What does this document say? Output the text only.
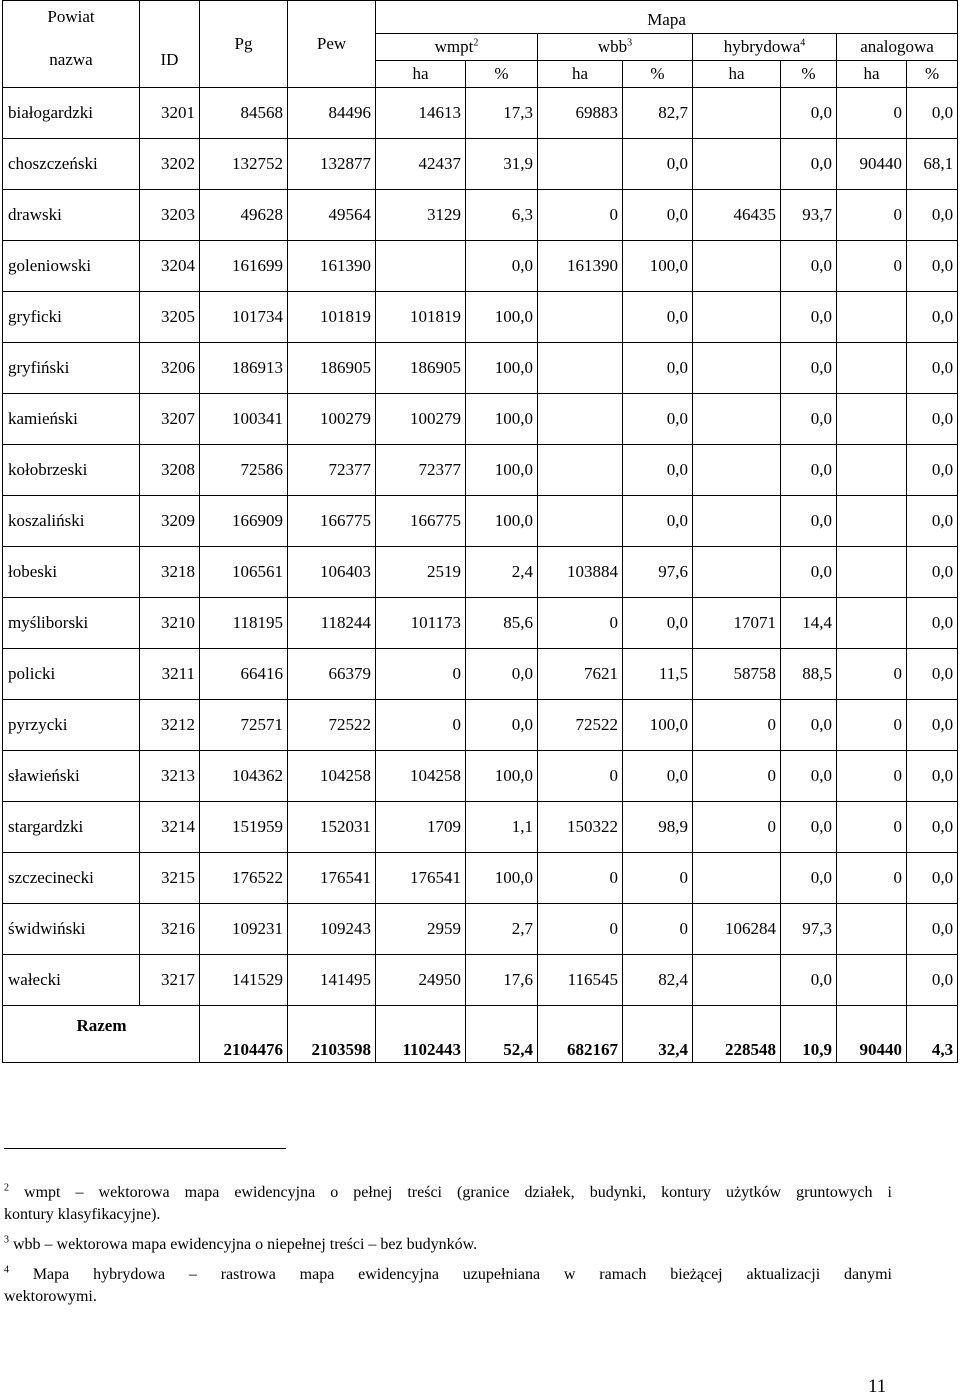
Powiat		Pg	Pew	Mapa							
nazwa	ID			wmpt$^2$		wbb$^3$		hybrydowa$^4$		analogowa	
				ha	%	ha	%	ha	%	ha	%
białogardzki	3201	84568	84496	14613	17,3	69883	82,7		0,0	0	0,0
choszczeński	3202	132752	132877	42437	31,9		0,0		0,0	90440	68,1
drawski	3203	49628	49564	3129	6,3	0	0,0	46435	93,7	0	0,0
goleniowski	3204	161699	161390		0,0	161390	100,0		0,0	0	0,0
gryficki	3205	101734	101819	101819	100,0		0,0		0,0		0,0
gryfiński	3206	186913	186905	186905	100,0		0,0		0,0		0,0
kamieński	3207	100341	100279	100279	100,0		0,0		0,0		0,0
kołobrzeski	3208	72586	72377	72377	100,0		0,0		0,0		0,0
koszaliński	3209	166909	166775	166775	100,0		0,0		0,0		0,0
łobeski	3218	106561	106403	2519	2,4	103884	97,6		0,0		0,0
myśliborski	3210	118195	118244	101173	85,6	0	0,0	17071	14,4		0,0
policki	3211	66416	66379	0	0,0	7621	11,5	58758	88,5	0	0,0
pyrzycki	3212	72571	72522	0	0,0	72522	100,0	0	0,0	0	0,0
sławieński	3213	104362	104258	104258	100,0	0	0,0	0	0,0	0	0,0
stargardzki	3214	151959	152031	1709	1,1	150322	98,9	0	0,0	0	0,0
szczecinecki	3215	176522	176541	176541	100,0	0	0		0,0	0	0,0
świdwiński	3216	109231	109243	2959	2,7	0	0	106284	97,3		0,0
wałecki	3217	141529	141495	24950	17,6	116545	82,4		0,0		0,0
Razem		2104476	2103598	1102443	52,4	682167	32,4	228548	10,9	90440	4,3
$^2$ wmpt – wektorowa mapa ewidencyjna o pełnej treści (granice działek, budynki, kontury użytków gruntowych i
kontury klasyfikacyjne).
$^3$ wbb – wektorowa mapa ewidencyjna o niepełnej treści – bez budynków.
$^4$ Mapa hybrydowa – rastrowa mapa ewidencyjna uzupełniana w ramach bieżącej aktualizacji danymi
wektorowymi.
11
